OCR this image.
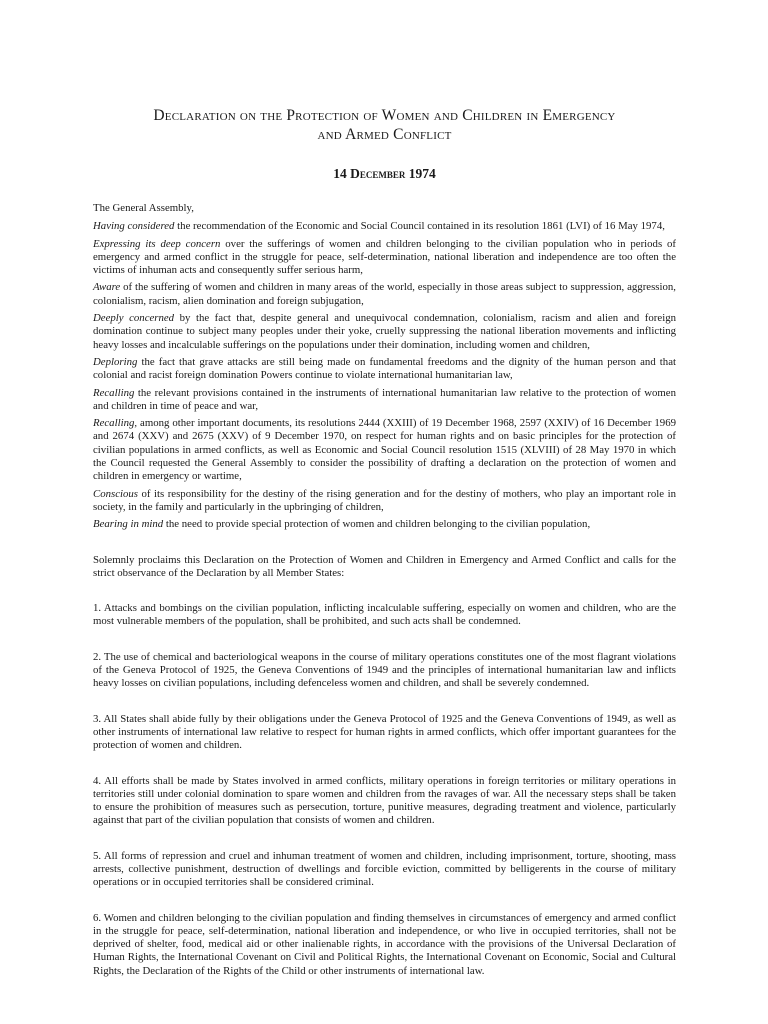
Declaration on the Protection of Women and Children in Emergency
and Armed Conflict
14 December 1974

The General Assembly,

Having considered the recommendation of the Economic and Social Council contained in its resolution 1861 (LVI) of 16 May 1974,

Expressing its deep concern over the sufferings of women and children belonging to the civilian population who in periods of emergency and armed conflict in the struggle for peace, self-determination, national liberation and independence are too often the victims of inhuman acts and consequently suffer serious harm,

Aware of the suffering of women and children in many areas of the world, especially in those areas subject to suppression, aggression, colonialism, racism, alien domination and foreign subjugation,

Deeply concerned by the fact that, despite general and unequivocal condemnation, colonialism, racism and alien and foreign domination continue to subject many peoples under their yoke, cruelly suppressing the national liberation movements and inflicting heavy losses and incalculable sufferings on the populations under their domination, including women and children,

Deploring the fact that grave attacks are still being made on fundamental freedoms and the dignity of the human person and that colonial and racist foreign domination Powers continue to violate international humanitarian law,

Recalling the relevant provisions contained in the instruments of international humanitarian law relative to the protection of women and children in time of peace and war,

Recalling, among other important documents, its resolutions 2444 (XXIII) of 19 December 1968, 2597 (XXIV) of 16 December 1969 and 2674 (XXV) and 2675 (XXV) of 9 December 1970, on respect for human rights and on basic principles for the protection of civilian populations in armed conflicts, as well as Economic and Social Council resolution 1515 (XLVIII) of 28 May 1970 in which the Council requested the General Assembly to consider the possibility of drafting a declaration on the protection of women and children in emergency or wartime,

Conscious of its responsibility for the destiny of the rising generation and for the destiny of mothers, who play an important role in society, in the family and particularly in the upbringing of children,

Bearing in mind the need to provide special protection of women and children belonging to the civilian population,

Solemnly proclaims this Declaration on the Protection of Women and Children in Emergency and Armed Conflict and calls for the strict observance of the Declaration by all Member States:

1. Attacks and bombings on the civilian population, inflicting incalculable suffering, especially on women and children, who are the most vulnerable members of the population, shall be prohibited, and such acts shall be condemned.

2. The use of chemical and bacteriological weapons in the course of military operations constitutes one of the most flagrant violations of the Geneva Protocol of 1925, the Geneva Conventions of 1949 and the principles of international humanitarian law and inflicts heavy losses on civilian populations, including defenceless women and children, and shall be severely condemned.

3. All States shall abide fully by their obligations under the Geneva Protocol of 1925 and the Geneva Conventions of 1949, as well as other instruments of international law relative to respect for human rights in armed conflicts, which offer important guarantees for the protection of women and children.

4. All efforts shall be made by States involved in armed conflicts, military operations in foreign territories or military operations in territories still under colonial domination to spare women and children from the ravages of war. All the necessary steps shall be taken to ensure the prohibition of measures such as persecution, torture, punitive measures, degrading treatment and violence, particularly against that part of the civilian population that consists of women and children.

5. All forms of repression and cruel and inhuman treatment of women and children, including imprisonment, torture, shooting, mass arrests, collective punishment, destruction of dwellings and forcible eviction, committed by belligerents in the course of military operations or in occupied territories shall be considered criminal.

6. Women and children belonging to the civilian population and finding themselves in circumstances of emergency and armed conflict in the struggle for peace, self-determination, national liberation and independence, or who live in occupied territories, shall not be deprived of shelter, food, medical aid or other inalienable rights, in accordance with the provisions of the Universal Declaration of Human Rights, the International Covenant on Civil and Political Rights, the International Covenant on Economic, Social and Cultural Rights, the Declaration of the Rights of the Child or other instruments of international law.
